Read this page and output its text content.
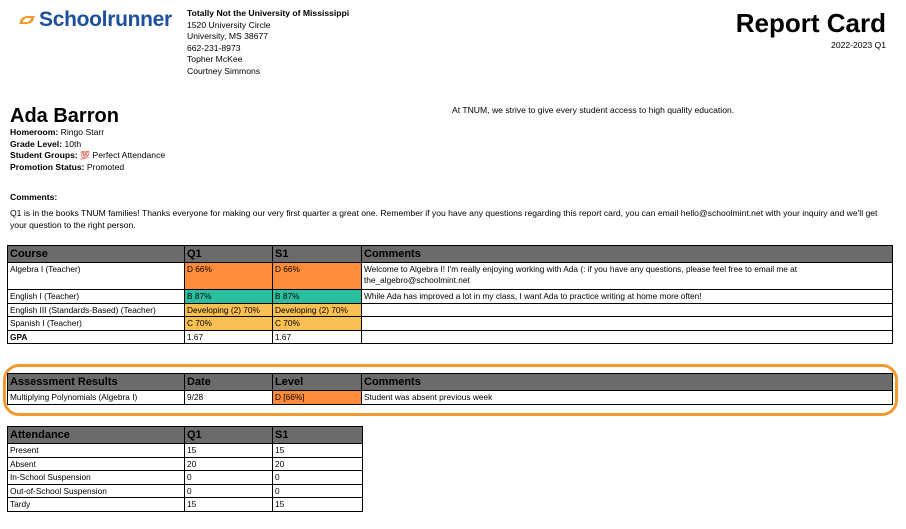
Schoolrunner Totally Not the University of Mississippi
1520 University Circle
University, MS 38677
662-231-8973
Topher McKee
Courtney Simmons
Report Card
2022-2023 Q1
Ada Barron
Homeroom: Ringo Starr
Grade Level: 10th
Student Groups: 💯 Perfect Attendance
Promotion Status: Promoted
At TNUM, we strive to give every student access to high quality education.
Comments:
Q1 is in the books TNUM families! Thanks everyone for making our very first quarter a great one. Remember if you have any questions regarding this report card, you can email hello@schoolmint.net with your inquiry and we'll get your question to the right person.
Course	Q1	S1	Comments
Algebra I (Teacher)	D 66%	D 66%	Welcome to Algebra I! I'm really enjoying working with Ada (: if you have any questions, please feel free to email me at the_algebro@schoolmint.net
English I (Teacher)	B 87%	B 87%	While Ada has improved a lot in my class, I want Ada to practice writing at home more often!
English III (Standards-Based) (Teacher)	Developing (2) 70%	Developing (2) 70%	
Spanish I (Teacher)	C 70%	C 70%	
GPA	1.67	1.67	
Assessment Results	Date	Level	Comments
Multiplying Polynomials (Algebra I)	9/28	D [66%]	Student was absent previous week
Attendance	Q1	S1
Present	15	15
Absent	20	20
In-School Suspension	0	0
Out-of-School Suspension	0	0
Tardy	15	15
